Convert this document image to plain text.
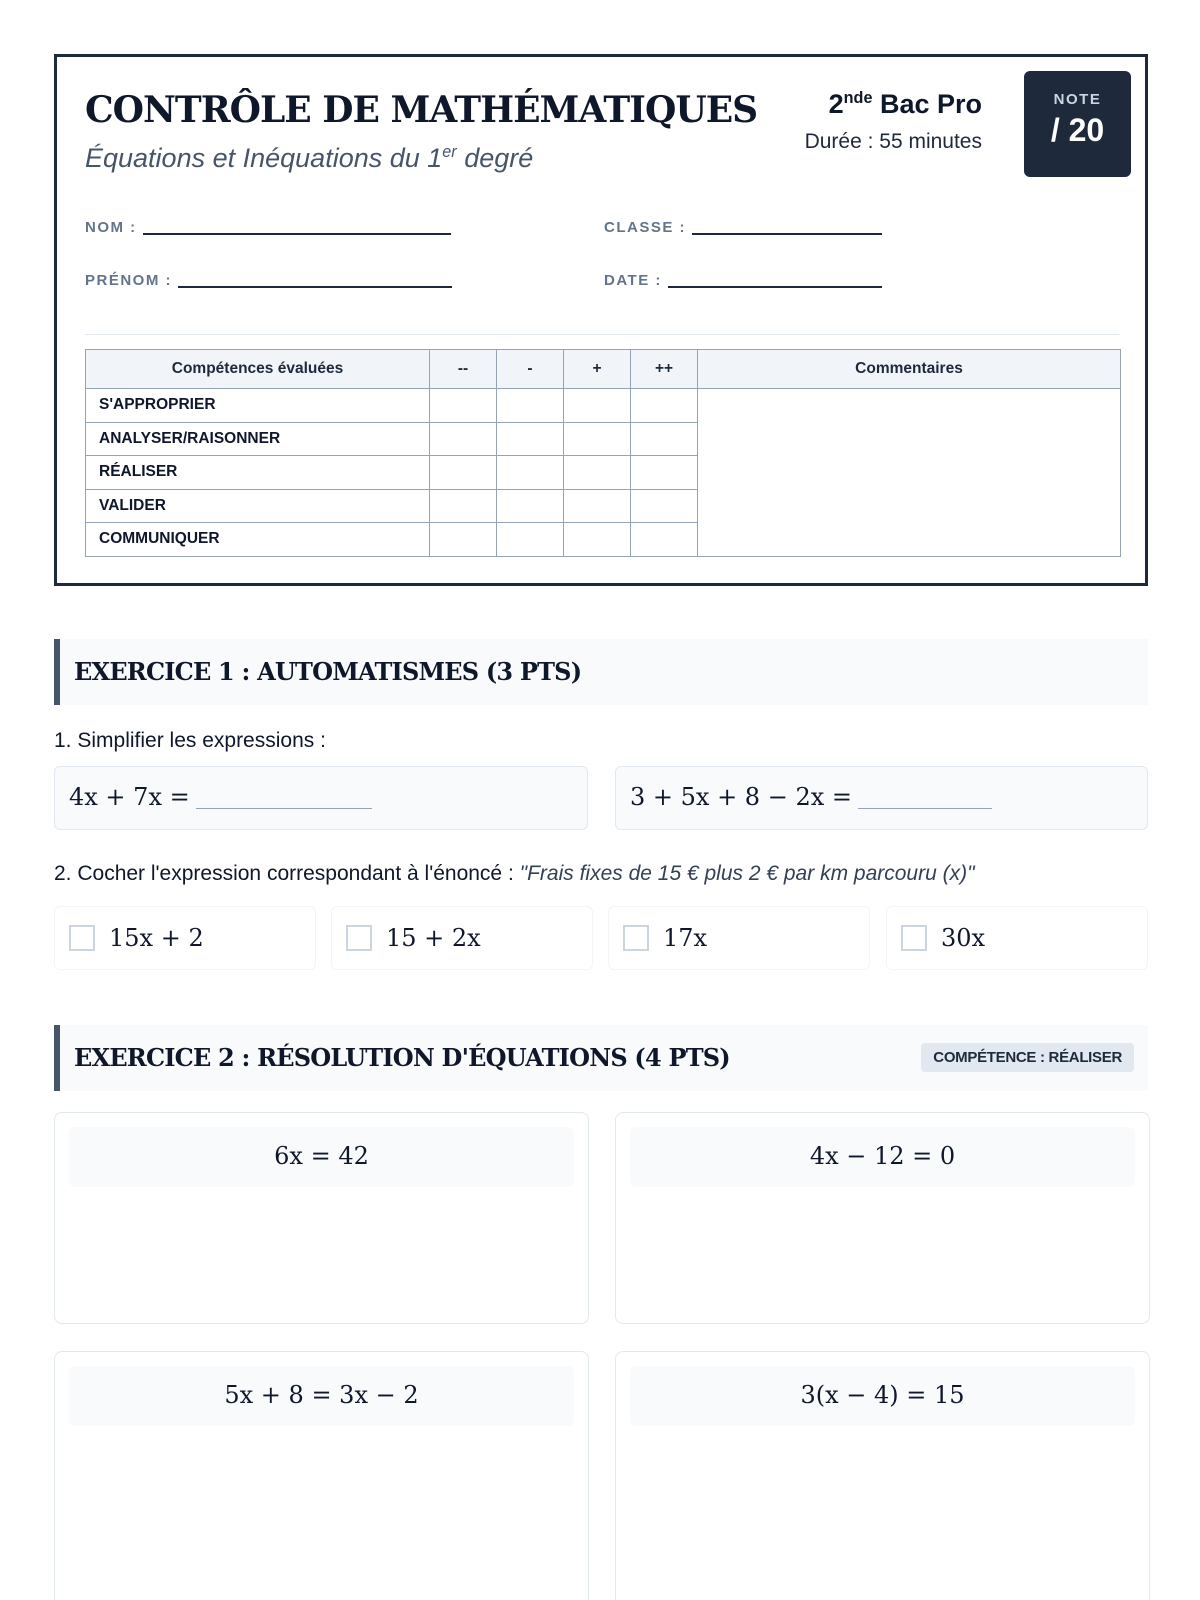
CONTRÔLE DE MATHÉMATIQUES
Équations et Inéquations du 1er degré
2nde Bac Pro
Durée : 55 minutes
NOTE
/ 20
NOM :	CLASSE :
PRÉNOM :	DATE :
Compétences évaluées	--	-	+	++	Commentaires
S'APPROPRIER					
ANALYSER/RAISONNER					
RÉALISER					
VALIDER					
COMMUNIQUER					
EXERCICE 1 : AUTOMATISMES (3 PTS)
1. Simplifier les expressions :
4x + 7x =	3 + 5x + 8 − 2x =
2. Cocher l'expression correspondant à l'énoncé : "Frais fixes de 15 € plus 2 € par km parcouru (x)"
15x + 2	15 + 2x	17x	30x
EXERCICE 2 : RÉSOLUTION D'ÉQUATIONS (4 PTS)	COMPÉTENCE : RÉALISER
6x = 42	4x − 12 = 0
5x + 8 = 3x − 2	3(x − 4) = 15
